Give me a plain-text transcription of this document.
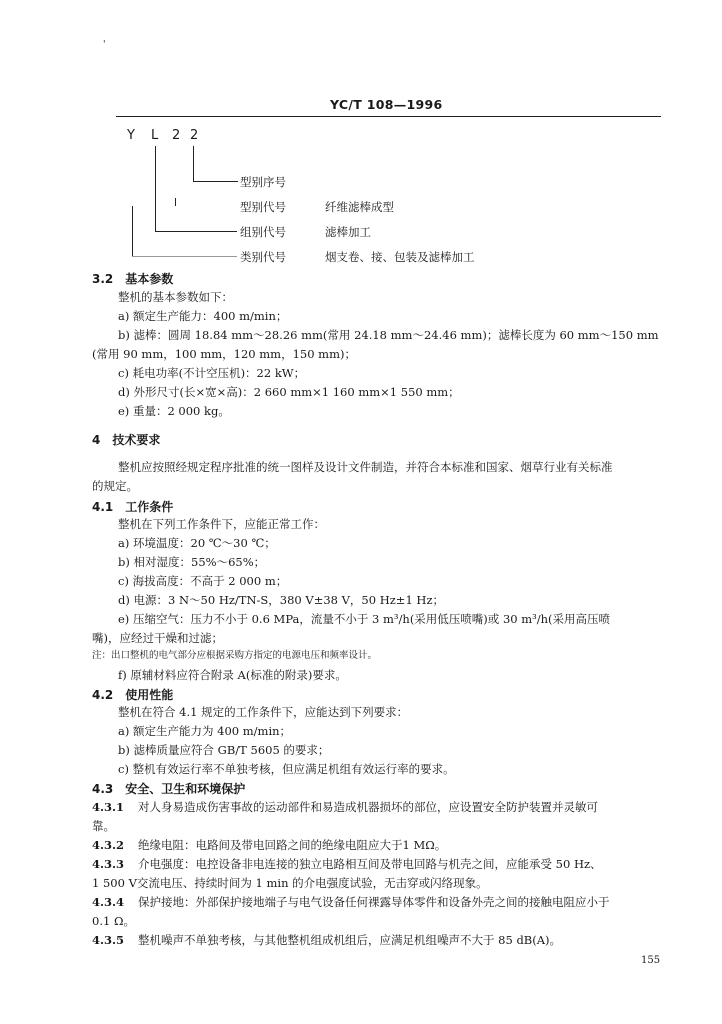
'
YC/T 108—1996
Y L 2 2
型别序号
型别代号	纤维滤棒成型
组别代号	滤棒加工
类别代号	烟支卷、接、包装及滤棒加工
3.2　基本参数
整机的基本参数如下：
a) 额定生产能力：400 m/min；
b) 滤棒：圆周 18.84 mm～28.26 mm(常用 24.18 mm～24.46 mm)；滤棒长度为 60 mm～150 mm
(常用 90 mm，100 mm，120 mm，150 mm)；
c) 耗电功率(不计空压机)：22 kW；
d) 外形尺寸(长×宽×高)：2 660 mm×1 160 mm×1 550 mm；
e) 重量：2 000 kg。
4　技术要求
整机应按照经规定程序批准的统一图样及设计文件制造，并符合本标准和国家、烟草行业有关标准
的规定。
4.1　工作条件
整机在下列工作条件下，应能正常工作：
a) 环境温度：20 ℃～30 ℃；
b) 相对湿度：55%～65%；
c) 海拔高度：不高于 2 000 m；
d) 电源：3 N～50 Hz/TN-S，380 V±38 V，50 Hz±1 Hz；
e) 压缩空气：压力不小于 0.6 MPa，流量不小于 3 m³/h(采用低压喷嘴)或 30 m³/h(采用高压喷
嘴)，应经过干燥和过滤；
注：出口整机的电气部分应根据采购方指定的电源电压和频率设计。
f) 原辅材料应符合附录 A(标准的附录)要求。
4.2　使用性能
整机在符合 4.1 规定的工作条件下，应能达到下列要求：
a) 额定生产能力为 400 m/min；
b) 滤棒质量应符合 GB/T 5605 的要求；
c) 整机有效运行率不单独考核，但应满足机组有效运行率的要求。
4.3　安全、卫生和环境保护
4.3.1 对人身易造成伤害事故的运动部件和易造成机器损坏的部位，应设置安全防护装置并灵敏可
靠。
4.3.2 绝缘电阻：电路间及带电回路之间的绝缘电阻应大于1 MΩ。
4.3.3 介电强度：电控设备非电连接的独立电路相互间及带电回路与机壳之间，应能承受 50 Hz、
1 500 V交流电压、持续时间为 1 min 的介电强度试验，无击穿或闪络现象。
4.3.4 保护接地：外部保护接地端子与电气设备任何裸露导体零件和设备外壳之间的接触电阻应小于
0.1 Ω。
4.3.5 整机噪声不单独考核，与其他整机组成机组后，应满足机组噪声不大于 85 dB(A)。
155
